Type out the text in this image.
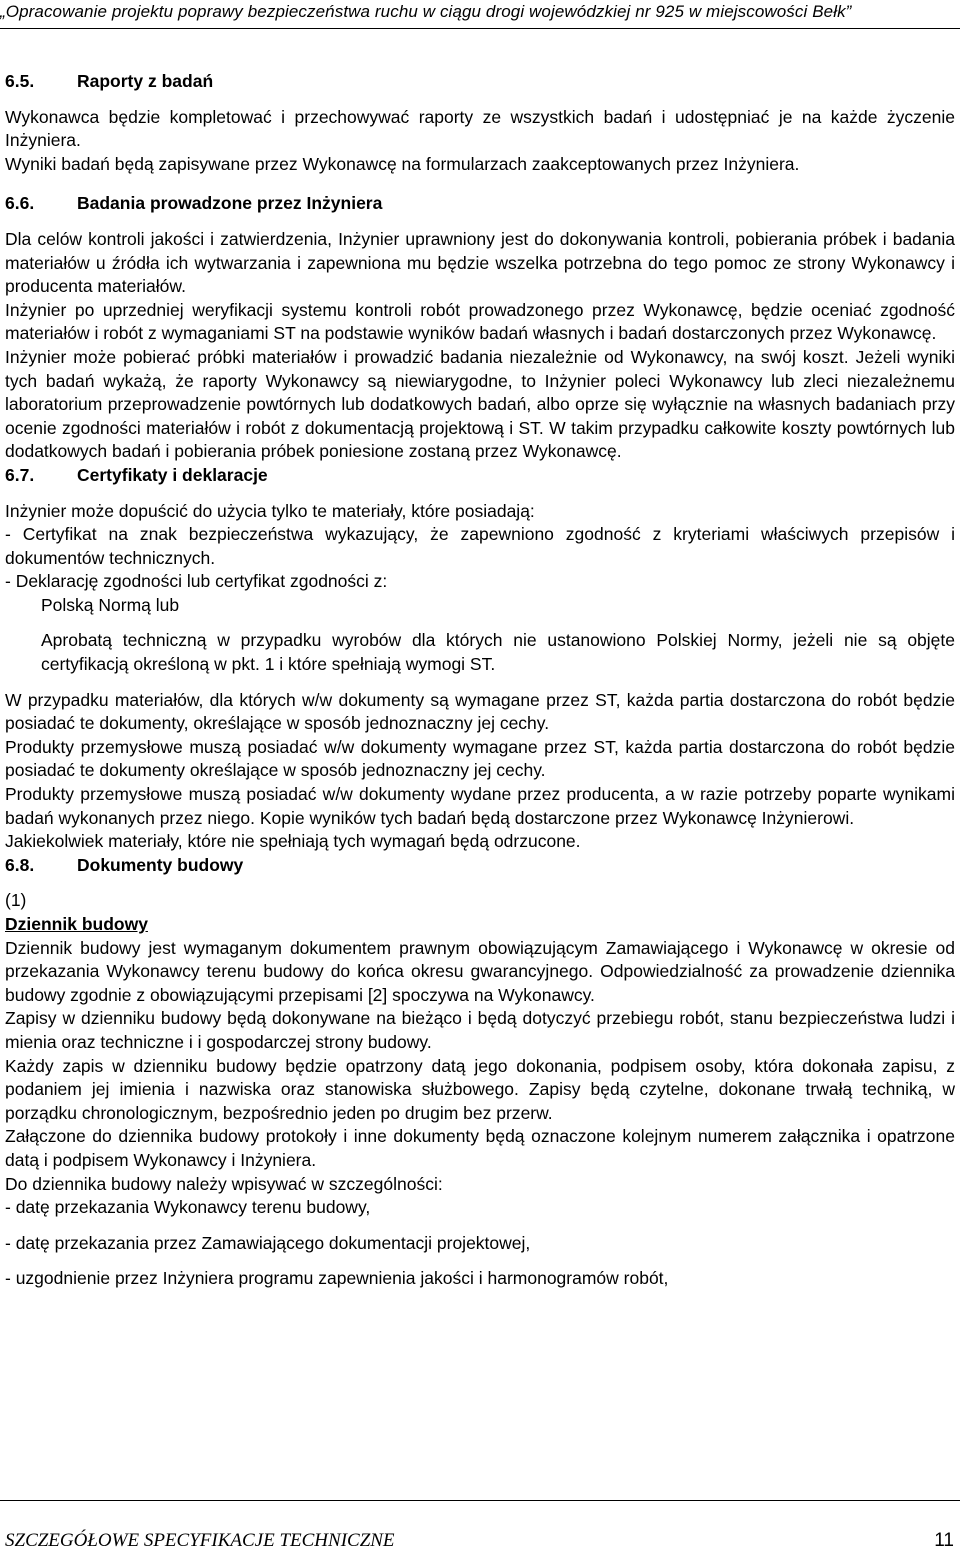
„Opracowanie projektu poprawy bezpieczeństwa ruchu w ciągu drogi wojewódzkiej nr 925 w miejscowości Bełk”

6.5. Raporty z badań

Wykonawca będzie kompletować i przechowywać raporty ze wszystkich badań i udostępniać je na każde życzenie Inżyniera.

Wyniki badań będą zapisywane przez Wykonawcę na formularzach zaakceptowanych przez Inżyniera.

6.6. Badania prowadzone przez Inżyniera

Dla celów kontroli jakości i zatwierdzenia, Inżynier uprawniony jest do dokonywania kontroli, pobierania próbek i badania materiałów u źródła ich wytwarzania i zapewniona mu będzie wszelka potrzebna do tego pomoc ze strony Wykonawcy i producenta materiałów.

Inżynier po uprzedniej weryfikacji systemu kontroli robót prowadzonego przez Wykonawcę, będzie oceniać zgodność materiałów i robót z wymaganiami ST na podstawie wyników badań własnych i badań dostarczonych przez Wykonawcę.

Inżynier może pobierać próbki materiałów i prowadzić badania niezależnie od Wykonawcy, na swój koszt. Jeżeli wyniki tych badań wykażą, że raporty Wykonawcy są niewiarygodne, to Inżynier poleci Wykonawcy lub zleci niezależnemu laboratorium przeprowadzenie powtórnych lub dodatkowych badań, albo oprze się wyłącznie na własnych badaniach przy ocenie zgodności materiałów i robót z dokumentacją projektową i ST. W takim przypadku całkowite koszty powtórnych lub dodatkowych badań i pobierania próbek poniesione zostaną przez Wykonawcę.

6.7. Certyfikaty i deklaracje

Inżynier może dopuścić do użycia tylko te materiały, które posiadają:

- Certyfikat na znak bezpieczeństwa wykazujący, że zapewniono zgodność z kryteriami właściwych przepisów i dokumentów technicznych.

- Deklarację zgodności lub certyfikat zgodności z:

Polską Normą lub

Aprobatą techniczną w przypadku wyrobów dla których nie ustanowiono Polskiej Normy, jeżeli nie są objęte certyfikacją określoną w pkt. 1 i które spełniają wymogi ST.

W przypadku materiałów, dla których w/w dokumenty są wymagane przez ST, każda partia dostarczona do robót będzie posiadać te dokumenty, określające w sposób jednoznaczny jej cechy.

Produkty przemysłowe muszą posiadać w/w dokumenty wymagane przez ST, każda partia dostarczona do robót będzie posiadać te dokumenty określające w sposób jednoznaczny jej cechy.

Produkty przemysłowe muszą posiadać w/w dokumenty wydane przez producenta, a w razie potrzeby poparte wynikami badań wykonanych przez niego. Kopie wyników tych badań będą dostarczone przez Wykonawcę Inżynierowi.

Jakiekolwiek materiały, które nie spełniają tych wymagań będą odrzucone.

6.8. Dokumenty budowy

(1)

Dziennik budowy

Dziennik budowy jest wymaganym dokumentem prawnym obowiązującym Zamawiającego i Wykonawcę w okresie od przekazania Wykonawcy terenu budowy do końca okresu gwarancyjnego. Odpowiedzialność za prowadzenie dziennika budowy zgodnie z obowiązującymi przepisami [2] spoczywa na Wykonawcy.

Zapisy w dzienniku budowy będą dokonywane na bieżąco i będą dotyczyć przebiegu robót, stanu bezpieczeństwa ludzi i mienia oraz techniczne i i gospodarczej strony budowy.

Każdy zapis w dzienniku budowy będzie opatrzony datą jego dokonania, podpisem osoby, która dokonała zapisu, z podaniem jej imienia i nazwiska oraz stanowiska służbowego. Zapisy będą czytelne, dokonane trwałą techniką, w porządku chronologicznym, bezpośrednio jeden po drugim bez przerw.

Załączone do dziennika budowy protokoły i inne dokumenty będą oznaczone kolejnym numerem załącznika i opatrzone datą i podpisem Wykonawcy i Inżyniera.

Do dziennika budowy należy wpisywać w szczególności:

- datę przekazania Wykonawcy terenu budowy,

- datę przekazania przez Zamawiającego dokumentacji projektowej,

- uzgodnienie przez Inżyniera programu zapewnienia jakości i harmonogramów robót,

SZCZEGÓŁOWE SPECYFIKACJE TECHNICZNE	11
